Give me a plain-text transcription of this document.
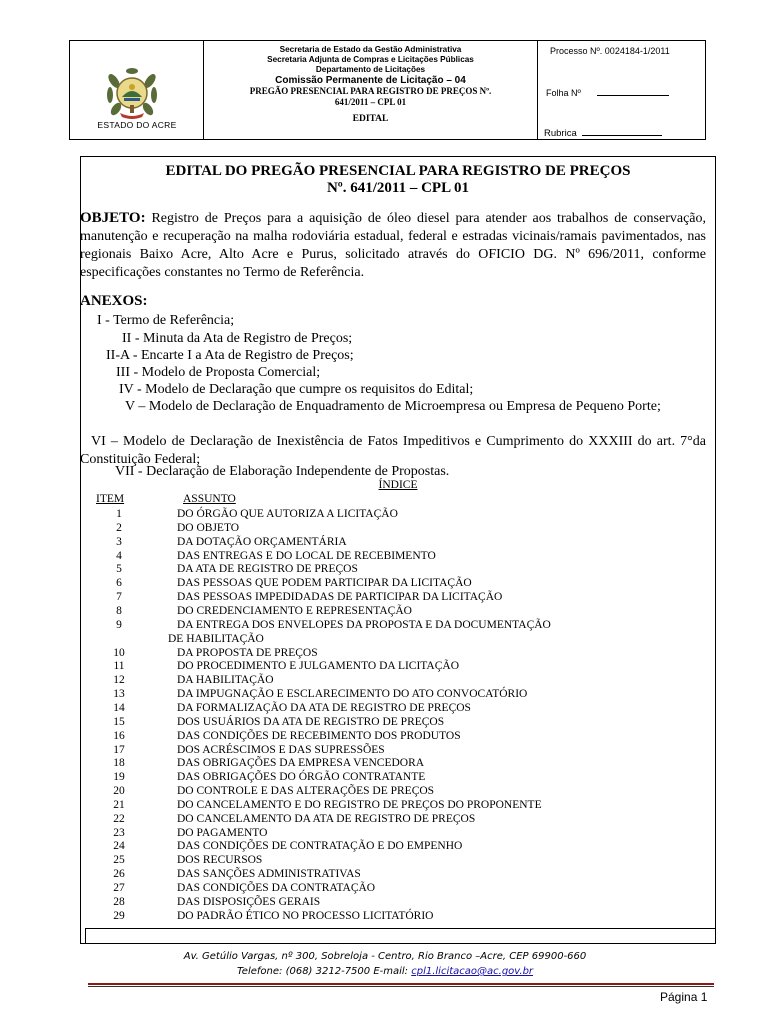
ESTADO DO ACRE
Secretaria de Estado da Gestão Administrativa
Secretaria Adjunta de Compras e Licitações Públicas
Departamento de Licitações
Comissão Permanente de Licitação – 04
PREGÃO PRESENCIAL PARA REGISTRO DE PREÇOS Nº.
641/2011 – CPL 01
EDITAL
Processo Nº. 0024184-1/2011
Folha Nº
Rubrica
EDITAL DO PREGÃO PRESENCIAL PARA REGISTRO DE PREÇOS
Nº. 641/2011 – CPL 01
OBJETO: Registro de Preços para a aquisição de óleo diesel para atender aos trabalhos de conservação, manutenção e recuperação na malha rodoviária estadual, federal e estradas vicinais/ramais pavimentados, nas regionais Baixo Acre, Alto Acre e Purus, solicitado através do OFICIO DG. Nº 696/2011, conforme especificações constantes no Termo de Referência.
ANEXOS:
I - Termo de Referência;
II - Minuta da Ata de Registro de Preços;
II-A - Encarte I a Ata de Registro de Preços;
III - Modelo de Proposta Comercial;
IV - Modelo de Declaração que cumpre os requisitos do Edital;
V – Modelo de Declaração de Enquadramento de Microempresa ou Empresa de Pequeno Porte;
VI – Modelo de Declaração de Inexistência de Fatos Impeditivos e Cumprimento do XXXIII do art. 7°da Constituição Federal;
VII - Declaração de Elaboração Independente de Propostas.
ÍNDICE
ITEM	ASSUNTO
1	DO ÓRGÃO QUE AUTORIZA A LICITAÇÃO
2	DO OBJETO
3	DA DOTAÇÃO ORÇAMENTÁRIA
4	DAS ENTREGAS E DO LOCAL DE RECEBIMENTO
5	DA ATA DE REGISTRO DE PREÇOS
6	DAS PESSOAS QUE PODEM PARTICIPAR DA LICITAÇÃO
7	DAS PESSOAS IMPEDIDADAS DE PARTICIPAR DA LICITAÇÃO
8	DO CREDENCIAMENTO E REPRESENTAÇÃO
9	DA ENTREGA DOS ENVELOPES DA PROPOSTA E DA DOCUMENTAÇÃO
DE HABILITAÇÃO
10	DA PROPOSTA DE PREÇOS
11	DO PROCEDIMENTO E JULGAMENTO DA LICITAÇÃO
12	DA HABILITAÇÃO
13	DA IMPUGNAÇÃO E ESCLARECIMENTO DO ATO CONVOCATÓRIO
14	DA FORMALIZAÇÃO DA ATA DE REGISTRO DE PREÇOS
15	DOS USUÁRIOS DA ATA DE REGISTRO DE PREÇOS
16	DAS CONDIÇÕES DE RECEBIMENTO DOS PRODUTOS
17	DOS ACRÉSCIMOS E DAS SUPRESSÕES
18	DAS OBRIGAÇÕES DA EMPRESA VENCEDORA
19	DAS OBRIGAÇÕES DO ÓRGÃO CONTRATANTE
20	DO CONTROLE E DAS ALTERAÇÕES DE PREÇOS
21	DO CANCELAMENTO E DO REGISTRO DE PREÇOS DO PROPONENTE
22	DO CANCELAMENTO DA ATA DE REGISTRO DE PREÇOS
23	DO PAGAMENTO
24	DAS CONDIÇÕES DE CONTRATAÇÃO E DO EMPENHO
25	DOS RECURSOS
26	DAS SANÇÕES ADMINISTRATIVAS
27	DAS CONDIÇÕES DA CONTRATAÇÃO
28	DAS DISPOSIÇÕES GERAIS
29	DO PADRÃO ÉTICO NO PROCESSO LICITATÓRIO
Av. Getúlio Vargas, nº 300, Sobreloja - Centro, Rio Branco –Acre, CEP 69900-660
Telefone: (068) 3212-7500 E-mail: cpl1.licitacao@ac.gov.br
Página 1
